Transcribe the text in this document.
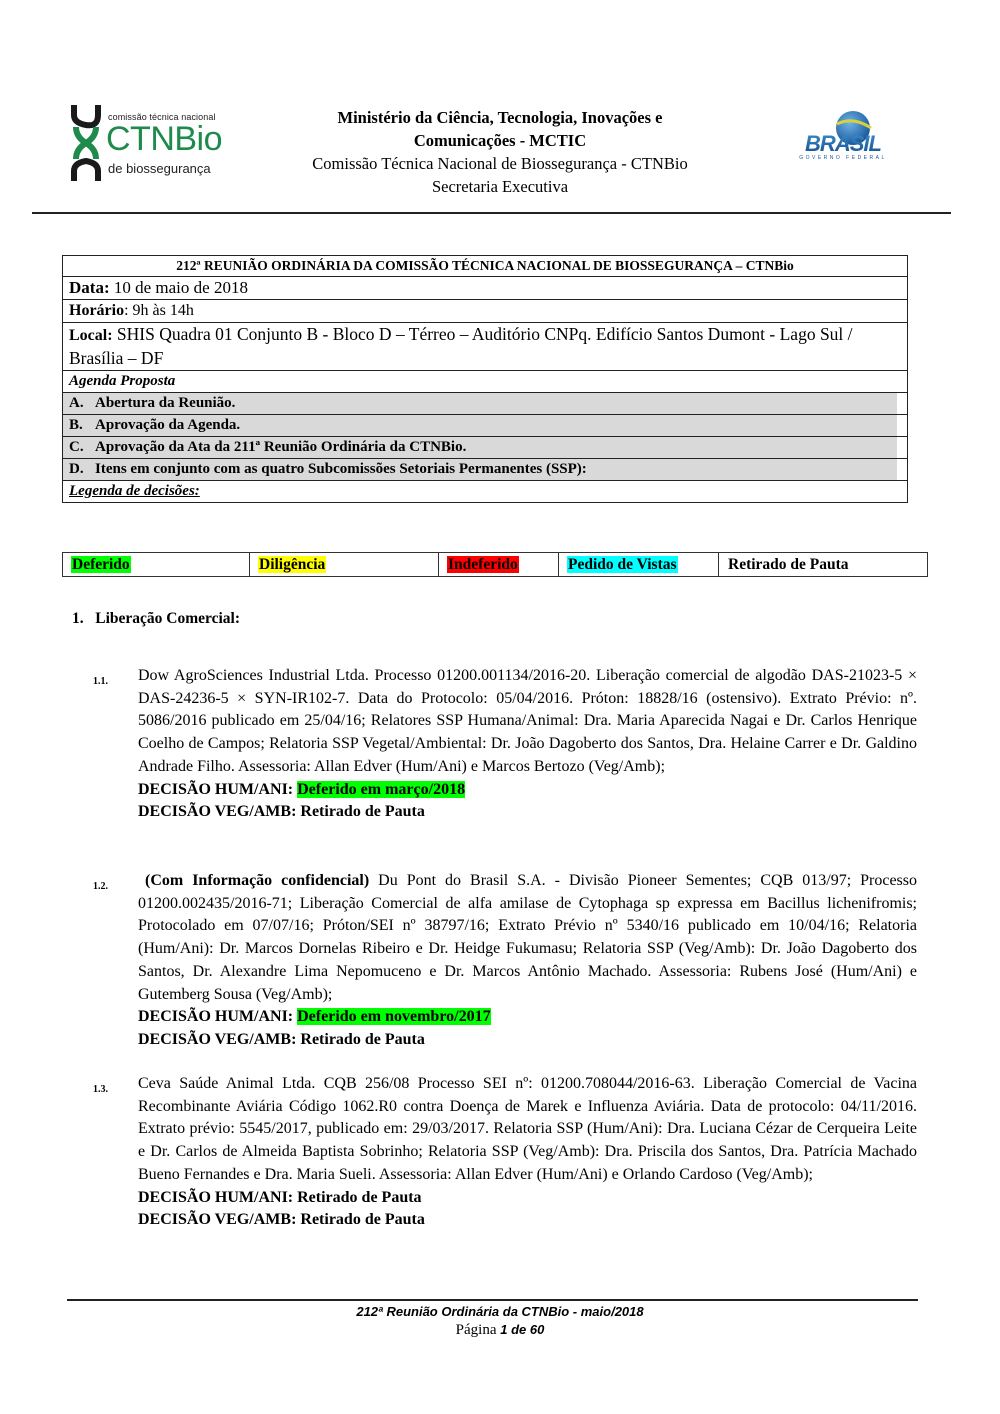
comissão técnica nacional
CTNBio
de biossegurança
Ministério da Ciência, Tecnologia, Inovações e
Comunicações - MCTIC
Comissão Técnica Nacional de Biossegurança - CTNBio
Secretaria Executiva
BRASIL
GOVERNO FEDERAL
212ª REUNIÃO ORDINÁRIA DA COMISSÃO TÉCNICA NACIONAL DE BIOSSEGURANÇA – CTNBio
Data: 10 de maio de 2018
Horário: 9h às 14h
Local: SHIS Quadra 01 Conjunto B - Bloco D – Térreo – Auditório CNPq. Edifício Santos Dumont - Lago Sul / Brasília – DF
Agenda Proposta
A. Abertura da Reunião.
B. Aprovação da Agenda.
C. Aprovação da Ata da 211ª Reunião Ordinária da CTNBio.
D. Itens em conjunto com as quatro Subcomissões Setoriais Permanentes (SSP):
Legenda de decisões:
Deferido	Diligência	Indeferido	Pedido de Vistas	Retirado de Pauta
1.   Liberação Comercial:
1.1. Dow AgroSciences Industrial Ltda. Processo 01200.001134/2016-20. Liberação comercial de algodão DAS-21023-5 × DAS-24236-5 × SYN-IR102-7. Data do Protocolo: 05/04/2016. Próton: 18828/16 (ostensivo). Extrato Prévio: nº. 5086/2016 publicado em 25/04/16; Relatores SSP Humana/Animal: Dra. Maria Aparecida Nagai e Dr. Carlos Henrique Coelho de Campos; Relatoria SSP Vegetal/Ambiental: Dr. João Dagoberto dos Santos, Dra. Helaine Carrer e Dr. Galdino Andrade Filho. Assessoria: Allan Edver (Hum/Ani) e Marcos Bertozo (Veg/Amb);
DECISÃO HUM/ANI: Deferido em março/2018
DECISÃO VEG/AMB: Retirado de Pauta
1.2.	(Com Informação confidencial) Du Pont do Brasil S.A. - Divisão Pioneer Sementes; CQB 013/97; Processo 01200.002435/2016-71; Liberação Comercial de alfa amilase de Cytophaga sp expressa em Bacillus lichenifromis; Protocolado em 07/07/16; Próton/SEI nº 38797/16; Extrato Prévio nº 5340/16 publicado em 10/04/16; Relatoria (Hum/Ani): Dr. Marcos Dornelas Ribeiro e Dr. Heidge Fukumasu; Relatoria SSP (Veg/Amb): Dr. João Dagoberto dos Santos, Dr. Alexandre Lima Nepomuceno e Dr. Marcos Antônio Machado. Assessoria: Rubens José (Hum/Ani) e Gutemberg Sousa (Veg/Amb);
DECISÃO HUM/ANI: Deferido em novembro/2017
DECISÃO VEG/AMB: Retirado de Pauta
1.3. Ceva Saúde Animal Ltda. CQB 256/08 Processo SEI nº: 01200.708044/2016-63. Liberação Comercial de Vacina Recombinante Aviária Código 1062.R0 contra Doença de Marek e Influenza Aviária. Data de protocolo: 04/11/2016. Extrato prévio: 5545/2017, publicado em: 29/03/2017. Relatoria SSP (Hum/Ani): Dra. Luciana Cézar de Cerqueira Leite e Dr. Carlos de Almeida Baptista Sobrinho; Relatoria SSP (Veg/Amb): Dra. Priscila dos Santos, Dra. Patrícia Machado Bueno Fernandes e Dra. Maria Sueli. Assessoria: Allan Edver (Hum/Ani) e Orlando Cardoso (Veg/Amb);
DECISÃO HUM/ANI: Retirado de Pauta
DECISÃO VEG/AMB: Retirado de Pauta
212ª Reunião Ordinária da CTNBio - maio/2018
Página 1 de 60
